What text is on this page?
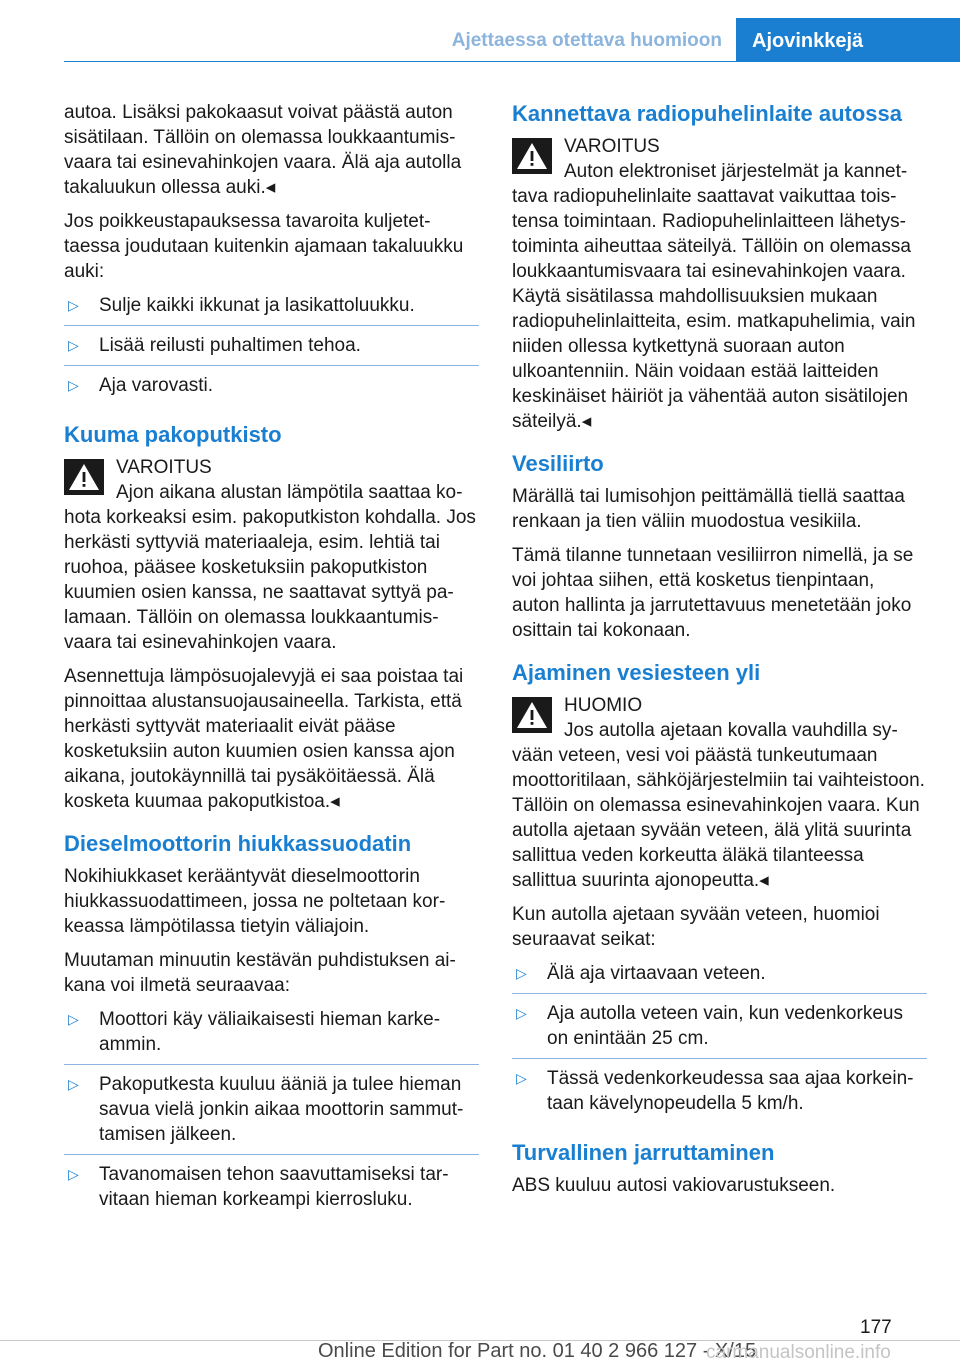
Ajettaessa otettava huomioon	Ajovinkkejä

autoa. Lisäksi pakokaasut voivat päästä auton sisätilaan. Tällöin on olemassa loukkaantumisvaara tai esinevahinkojen vaara. Älä aja autolla takaluukun ollessa auki.◂

Jos poikkeustapauksessa tavaroita kuljetettaessa joudutaan kuitenkin ajamaan takaluukku auki:

▷ Sulje kaikki ikkunat ja lasikattoluukku.
▷ Lisää reilusti puhaltimen tehoa.
▷ Aja varovasti.
Kuuma pakoputkisto
VAROITUS
Ajon aikana alustan lämpötila saattaa kohota korkeaksi esim. pakoputkiston kohdalla. Jos herkästi syttyviä materiaaleja, esim. lehtiä tai ruohoa, pääsee kosketuksiin pakoputkiston kuumien osien kanssa, ne saattavat syttyä palamaan. Tällöin on olemassa loukkaantumisvaara tai esinevahinkojen vaara.

Asennettuja lämpösuojalevyjä ei saa poistaa tai pinnoittaa alustansuojausaineella. Tarkista, että herkästi syttyvät materiaalit eivät pääse kosketuksiin auton kuumien osien kanssa ajon aikana, joutokäynnillä tai pysäköitäessä. Älä kosketa kuumaa pakoputkistoa.◂

Dieselmoottorin hiukkassuodatin

Nokihiukkaset kerääntyvät dieselmoottorin hiukkassuodattimeen, jossa ne poltetaan korkeassa lämpötilassa tietyin väliajoin.

Muutaman minuutin kestävän puhdistuksen aikana voi ilmetä seuraavaa:

▷ Moottori käy väliaikaisesti hieman karkeammin.
▷ Pakoputkesta kuuluu ääniä ja tulee hieman savua vielä jonkin aikaa moottorin sammuttamisen jälkeen.
▷ Tavanomaisen tehon saavuttamiseksi tarvitaan hieman korkeampi kierrosluku.
Kannettava radiopuhelinlaite autossa
VAROITUS
Auton elektroniset järjestelmät ja kannettava radiopuhelinlaite saattavat vaikuttaa toistensa toimintaan. Radiopuhelinlaitteen lähetystoiminta aiheuttaa säteilyä. Tällöin on olemassa loukkaantumisvaara tai esinevahinkojen vaara. Käytä sisätilassa mahdollisuuksien mukaan radiopuhelinlaitteita, esim. matkapuhelimia, vain niiden ollessa kytkettynä suoraan auton ulkoantenniin. Näin voidaan estää laitteiden keskinäiset häiriöt ja vähentää auton sisätilojen säteilyä.◂
Vesiliirto

Märällä tai lumisohjon peittämällä tiellä saattaa renkaan ja tien väliin muodostua vesikiila.

Tämä tilanne tunnetaan vesiliirron nimellä, ja se voi johtaa siihen, että kosketus tienpintaan, auton hallinta ja jarrutettavuus menetetään joko osittain tai kokonaan.

Ajaminen vesiesteen yli
HUOMIO
Jos autolla ajetaan kovalla vauhdilla syvään veteen, vesi voi päästä tunkeutumaan moottoritilaan, sähköjärjestelmiin tai vaihteistoon. Tällöin on olemassa esinevahinkojen vaara. Kun autolla ajetaan syvään veteen, älä ylitä suurinta sallittua veden korkeutta äläkä tilanteessa sallittua suurinta ajonopeutta.◂

Kun autolla ajetaan syvään veteen, huomioi seuraavat seikat:

▷ Älä aja virtaavaan veteen.
▷ Aja autolla veteen vain, kun vedenkorkeus on enintään 25 cm.
▷ Tässä vedenkorkeudessa saa ajaa korkeintaan kävelynopeudella 5 km/h.
Turvallinen jarruttaminen

ABS kuuluu autosi vakiovarustukseen.

177
Online Edition for Part no. 01 40 2 966 127 - X/15
carmanualsonline.info
